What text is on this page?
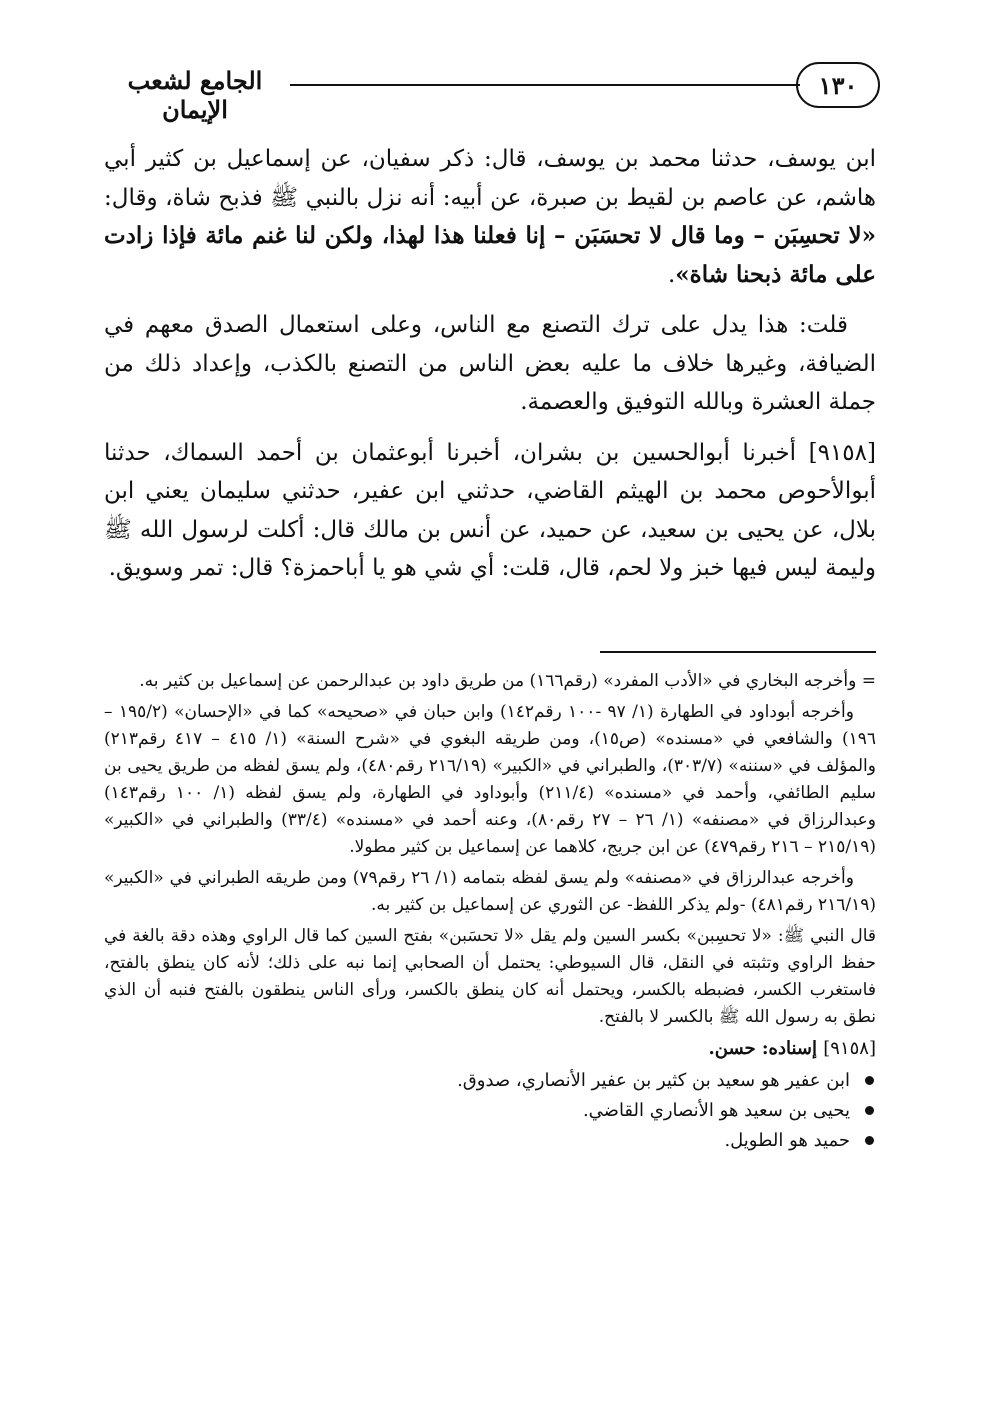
١٣٠
الجامع لشعب الإيمان

ابن يوسف، حدثنا محمد بن يوسف، قال: ذكر سفيان، عن إسماعيل بن كثير أبي هاشم، عن عاصم بن لقيط بن صبرة، عن أبيه: أنه نزل بالنبي ﷺ فذبح شاة، وقال: «لا تحسِبَن – وما قال لا تحسَبَن – إنا فعلنا هذا لهذا، ولكن لنا غنم مائة فإذا زادت على مائة ذبحنا شاة».

قلت: هذا يدل على ترك التصنع مع الناس، وعلى استعمال الصدق معهم في الضيافة، وغيرها خلاف ما عليه بعض الناس من التصنع بالكذب، وإعداد ذلك من جملة العشرة وبالله التوفيق والعصمة.

[٩١٥٨] أخبرنا أبوالحسين بن بشران، أخبرنا أبوعثمان بن أحمد السماك، حدثنا أبوالأحوص محمد بن الهيثم القاضي، حدثني ابن عفير، حدثني سليمان يعني ابن بلال، عن يحيى بن سعيد، عن حميد، عن أنس بن مالك قال: أكلت لرسول الله ﷺ وليمة ليس فيها خبز ولا لحم، قال، قلت: أي شي هو يا أباحمزة؟ قال: تمر وسويق.

= وأخرجه البخاري في «الأدب المفرد» (رقم١٦٦) من طريق داود بن عبدالرحمن عن إسماعيل بن كثير به.

وأخرجه أبوداود في الطهارة (١/ ٩٧ -١٠٠ رقم١٤٢) وابن حبان في «صحيحه» كما في «الإحسان» (١٩٥/٢ – ١٩٦) والشافعي في «مسنده» (ص١٥)، ومن طريقه البغوي في «شرح السنة» (١/ ٤١٥ – ٤١٧ رقم٢١٣) والمؤلف في «سننه» (٣٠٣/٧)، والطبراني في «الكبير» (٢١٦/١٩ رقم٤٨٠)، ولم يسق لفظه من طريق يحيى بن سليم الطائفي، وأحمد في «مسنده» (٢١١/٤) وأبوداود في الطهارة، ولم يسق لفظه (١/ ١٠٠ رقم١٤٣) وعبدالرزاق في «مصنفه» (١/ ٢٦ – ٢٧ رقم٨٠)، وعنه أحمد في «مسنده» (٣٣/٤) والطبراني في «الكبير» (٢١٥/١٩ – ٢١٦ رقم٤٧٩) عن ابن جريج، كلاهما عن إسماعيل بن كثير مطولا.

وأخرجه عبدالرزاق في «مصنفه» ولم يسق لفظه بتمامه (١/ ٢٦ رقم٧٩) ومن طريقه الطبراني في «الكبير» (٢١٦/١٩ رقم٤٨١) -ولم يذكر اللفظ- عن الثوري عن إسماعيل بن كثير به.

قال النبي ﷺ: «لا تحسِبن» بكسر السين ولم يقل «لا تحسَبن» بفتح السين كما قال الراوي وهذه دقة بالغة في حفظ الراوي وتثبته في النقل، قال السيوطي: يحتمل أن الصحابي إنما نبه على ذلك؛ لأنه كان ينطق بالفتح، فاستغرب الكسر، فضبطه بالكسر، ويحتمل أنه كان ينطق بالكسر، ورأى الناس ينطقون بالفتح فنبه أن الذي نطق به رسول الله ﷺ بالكسر لا بالفتح.

[٩١٥٨] إسناده: حسن.

ابن عفير هو سعيد بن كثير بن عفير الأنصاري، صدوق.
يحيى بن سعيد هو الأنصاري القاضي.
حميد هو الطويل.
